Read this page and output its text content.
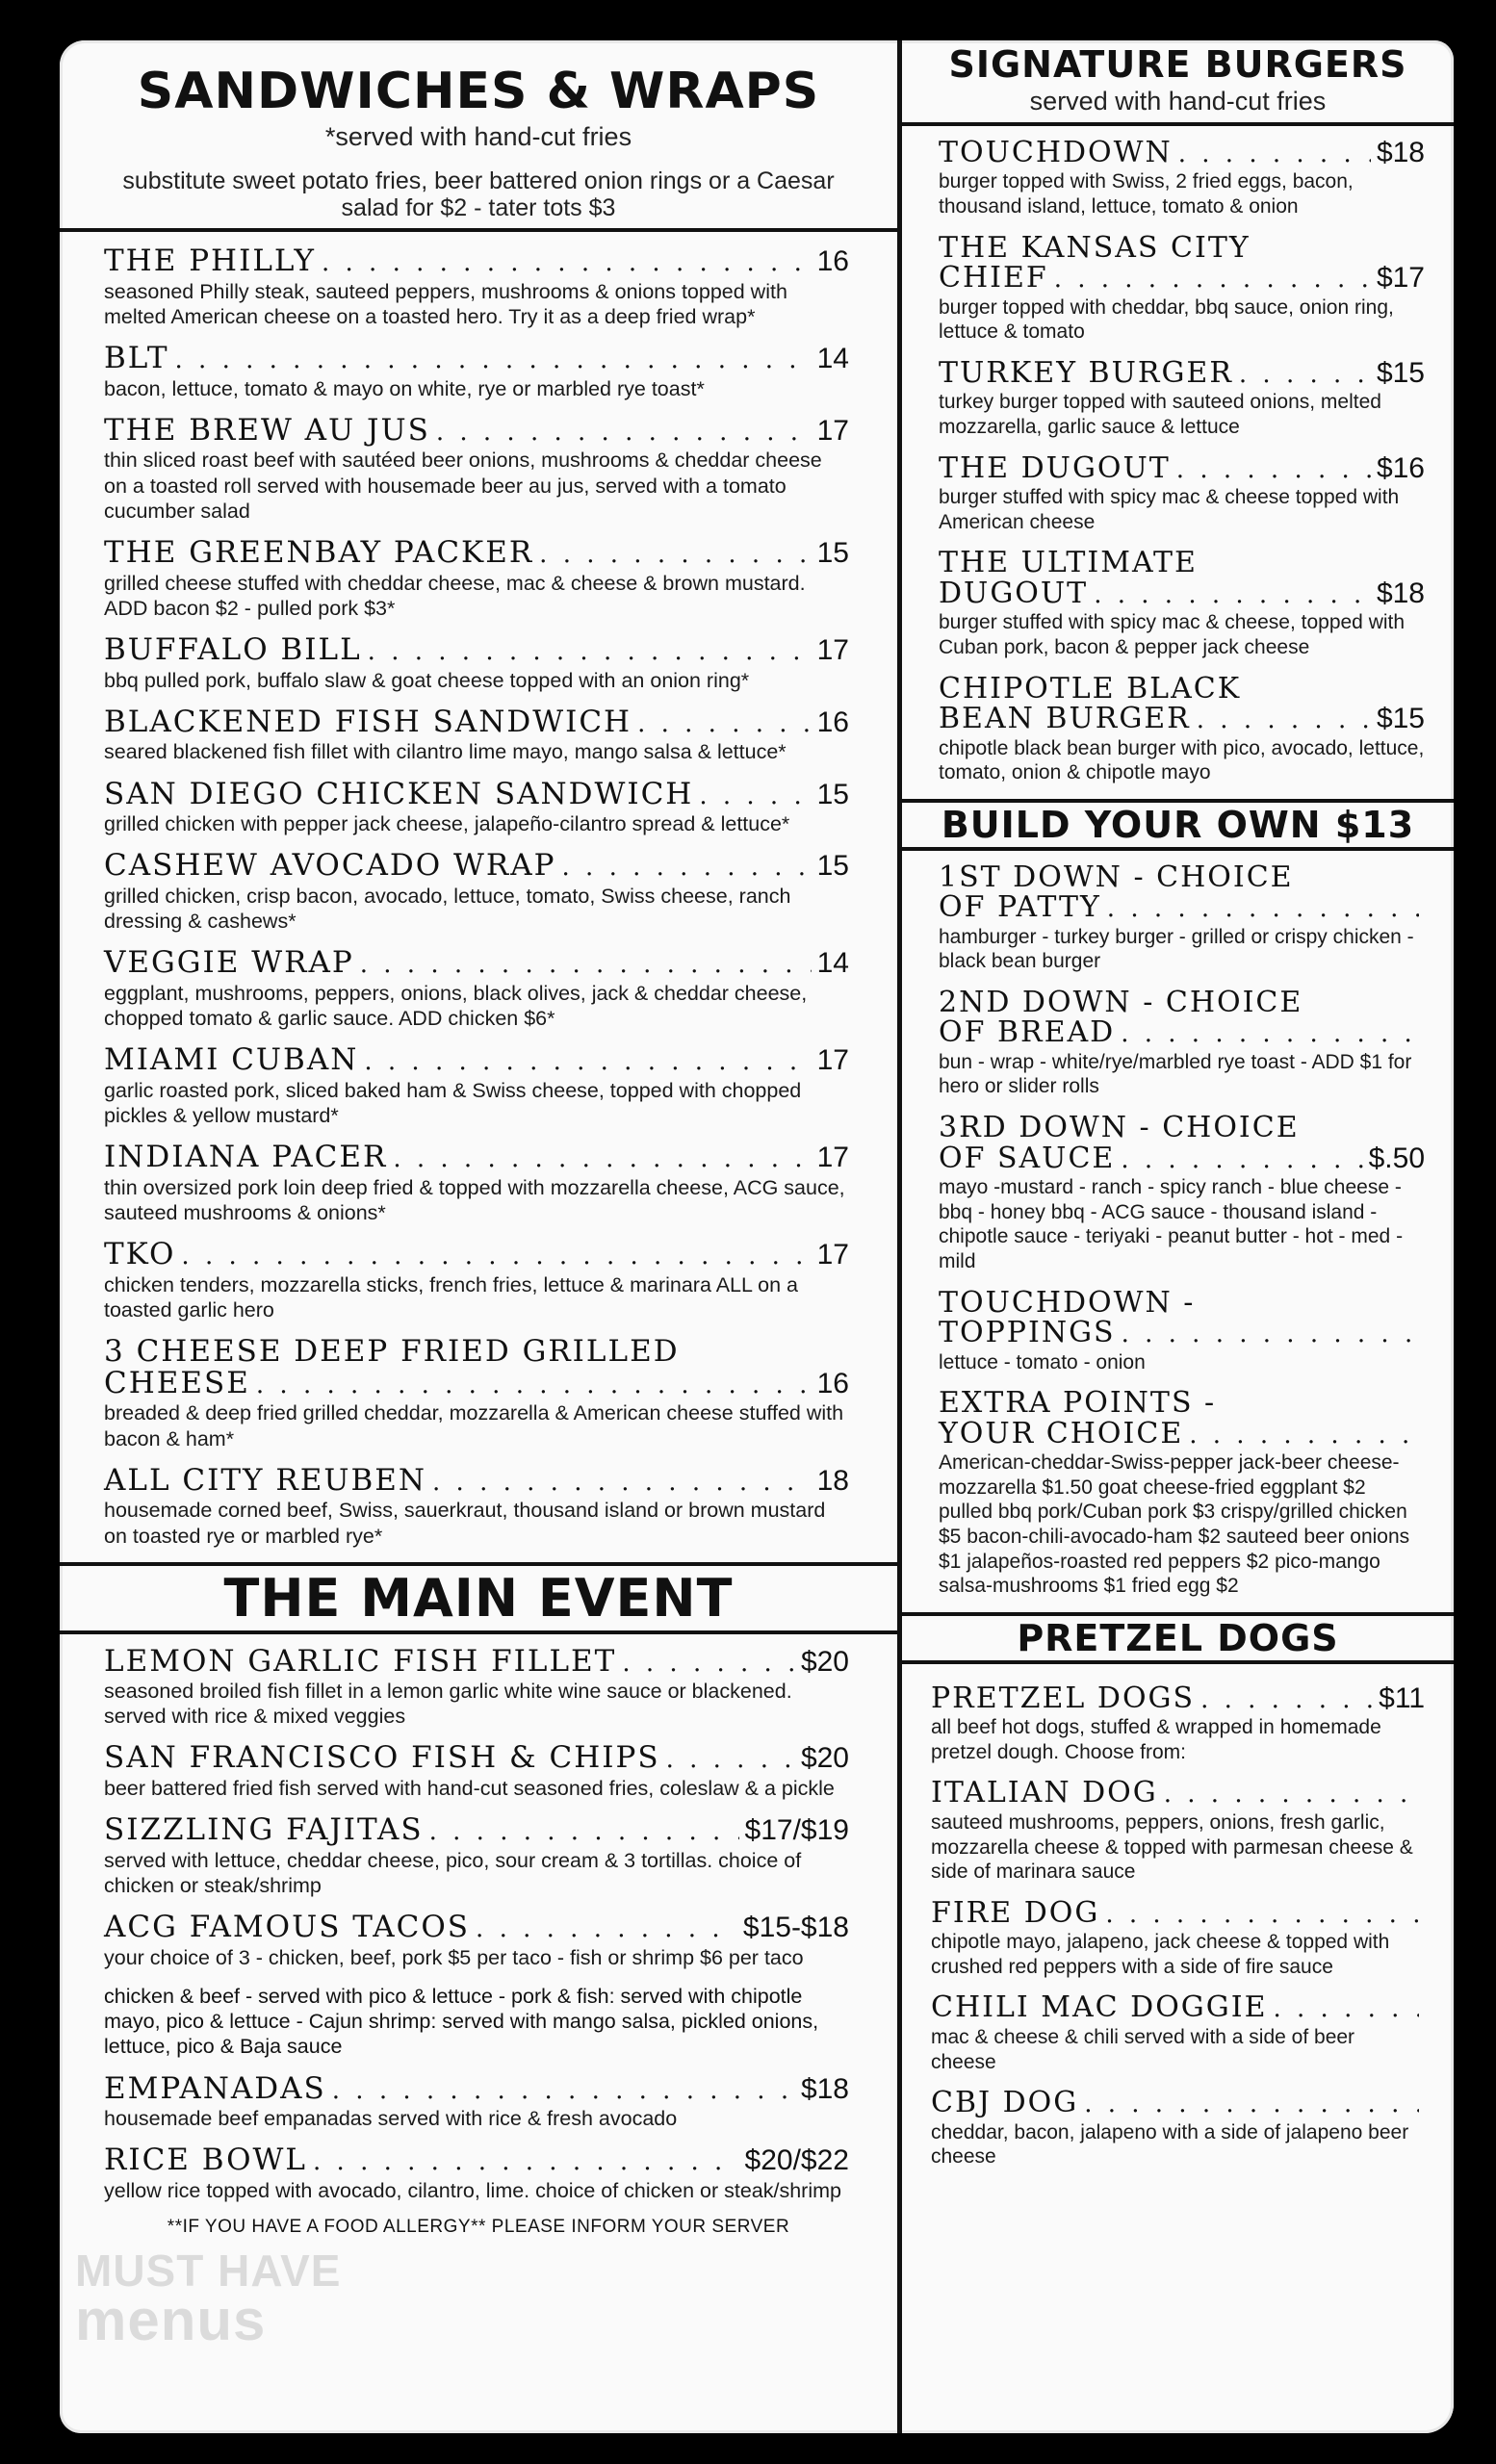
SANDWICHES & WRAPS
*served with hand-cut fries
substitute sweet potato fries, beer battered onion rings or a Caesar salad for $2 - tater tots $3
THE PHILLY . . .	16
seasoned Philly steak, sauteed peppers, mushrooms & onions topped with melted American cheese on a toasted hero. Try it as a deep fried wrap*
BLT . . .	14
bacon, lettuce, tomato & mayo on white, rye or marbled rye toast*
THE BREW AU JUS . . .	17
thin sliced roast beef with sautéed beer onions, mushrooms & cheddar cheese on a toasted roll served with housemade beer au jus, served with a tomato cucumber salad
THE GREENBAY PACKER . . .	15
grilled cheese stuffed with cheddar cheese, mac & cheese & brown mustard. ADD bacon $2 - pulled pork $3*
BUFFALO BILL . . .	17
bbq pulled pork, buffalo slaw & goat cheese topped with an onion ring*
BLACKENED FISH SANDWICH . . .	16
seared blackened fish fillet with cilantro lime mayo, mango salsa & lettuce*
SAN DIEGO CHICKEN SANDWICH . . .	15
grilled chicken with pepper jack cheese, jalapeño-cilantro spread & lettuce*
CASHEW AVOCADO WRAP . . .	15
grilled chicken, crisp bacon, avocado, lettuce, tomato, Swiss cheese, ranch dressing & cashews*
VEGGIE WRAP . . .	14
eggplant, mushrooms, peppers, onions, black olives, jack & cheddar cheese, chopped tomato & garlic sauce. ADD chicken $6*
MIAMI CUBAN . . .	17
garlic roasted pork, sliced baked ham & Swiss cheese, topped with chopped pickles & yellow mustard*
INDIANA PACER . . .	17
thin oversized pork loin deep fried & topped with mozzarella cheese, ACG sauce, sauteed mushrooms & onions*
TKO . . .	17
chicken tenders, mozzarella sticks, french fries, lettuce & marinara ALL on a toasted garlic hero
3 CHEESE DEEP FRIED GRILLED
CHEESE . . .	16
breaded & deep fried grilled cheddar, mozzarella & American cheese stuffed with bacon & ham*
ALL CITY REUBEN . . .	18
housemade corned beef, Swiss, sauerkraut, thousand island or brown mustard on toasted rye or marbled rye*
THE MAIN EVENT
LEMON GARLIC FISH FILLET . . .	$20
seasoned broiled fish fillet in a lemon garlic white wine sauce or blackened. served with rice & mixed veggies
SAN FRANCISCO FISH & CHIPS . . .	$20
beer battered fried fish served with hand-cut seasoned fries, coleslaw & a pickle
SIZZLING FAJITAS . . .	$17/$19
served with lettuce, cheddar cheese, pico, sour cream & 3 tortillas. choice of chicken or steak/shrimp
ACG FAMOUS TACOS . . .	$15-$18
your choice of 3 - chicken, beef, pork $5 per taco - fish or shrimp $6 per taco
chicken & beef - served with pico & lettuce - pork & fish: served with chipotle mayo, pico & lettuce - Cajun shrimp: served with mango salsa, pickled onions, lettuce, pico & Baja sauce
EMPANADAS . . .	$18
housemade beef empanadas served with rice & fresh avocado
RICE BOWL . . .	$20/$22
yellow rice topped with avocado, cilantro, lime. choice of chicken or steak/shrimp
**IF YOU HAVE A FOOD ALLERGY** PLEASE INFORM YOUR SERVER
SIGNATURE BURGERS
served with hand-cut fries
TOUCHDOWN . . .	$18
burger topped with Swiss, 2 fried eggs, bacon, thousand island, lettuce, tomato & onion
THE KANSAS CITY
CHIEF . . .	$17
burger topped with cheddar, bbq sauce, onion ring, lettuce & tomato
TURKEY BURGER . . .	$15
turkey burger topped with sauteed onions, melted mozzarella, garlic sauce & lettuce
THE DUGOUT . . .	$16
burger stuffed with spicy mac & cheese topped with American cheese
THE ULTIMATE
DUGOUT . . .	$18
burger stuffed with spicy mac & cheese, topped with Cuban pork, bacon & pepper jack cheese
CHIPOTLE BLACK
BEAN BURGER . . .	$15
chipotle black bean burger with pico, avocado, lettuce, tomato, onion & chipotle mayo
BUILD YOUR OWN $13
1ST DOWN - CHOICE
OF PATTY
. . .
hamburger - turkey burger - grilled or crispy chicken - black bean burger
2ND DOWN - CHOICE
OF BREAD
. . .
bun - wrap - white/rye/marbled rye toast - ADD $1 for hero or slider rolls
3RD DOWN - CHOICE
OF SAUCE . . .	$.50
mayo -mustard - ranch - spicy ranch - blue cheese - bbq - honey bbq - ACG sauce - thousand island - chipotle sauce - teriyaki - peanut butter - hot - med - mild
TOUCHDOWN -
TOPPINGS
. . .
lettuce - tomato - onion
EXTRA POINTS -
YOUR CHOICE
. . .
American-cheddar-Swiss-pepper jack-beer cheese-mozzarella $1.50 goat cheese-fried eggplant $2 pulled bbq pork/Cuban pork $3 crispy/grilled chicken $5 bacon-chili-avocado-ham $2 sauteed beer onions $1 jalapeños-roasted red peppers $2 pico-mango salsa-mushrooms $1 fried egg $2
PRETZEL DOGS
PRETZEL DOGS . . .	$11
all beef hot dogs, stuffed & wrapped in homemade pretzel dough. Choose from:
ITALIAN DOG
. . .
sauteed mushrooms, peppers, onions, fresh garlic, mozzarella cheese & topped with parmesan cheese & side of marinara sauce
FIRE DOG
. . .
chipotle mayo, jalapeno, jack cheese & topped with crushed red peppers with a side of fire sauce
CHILI MAC DOGGIE
. . .
mac & cheese & chili served with a side of beer cheese
CBJ DOG
. . .
cheddar, bacon, jalapeno with a side of jalapeno beer cheese
MUST HAVE
menus
